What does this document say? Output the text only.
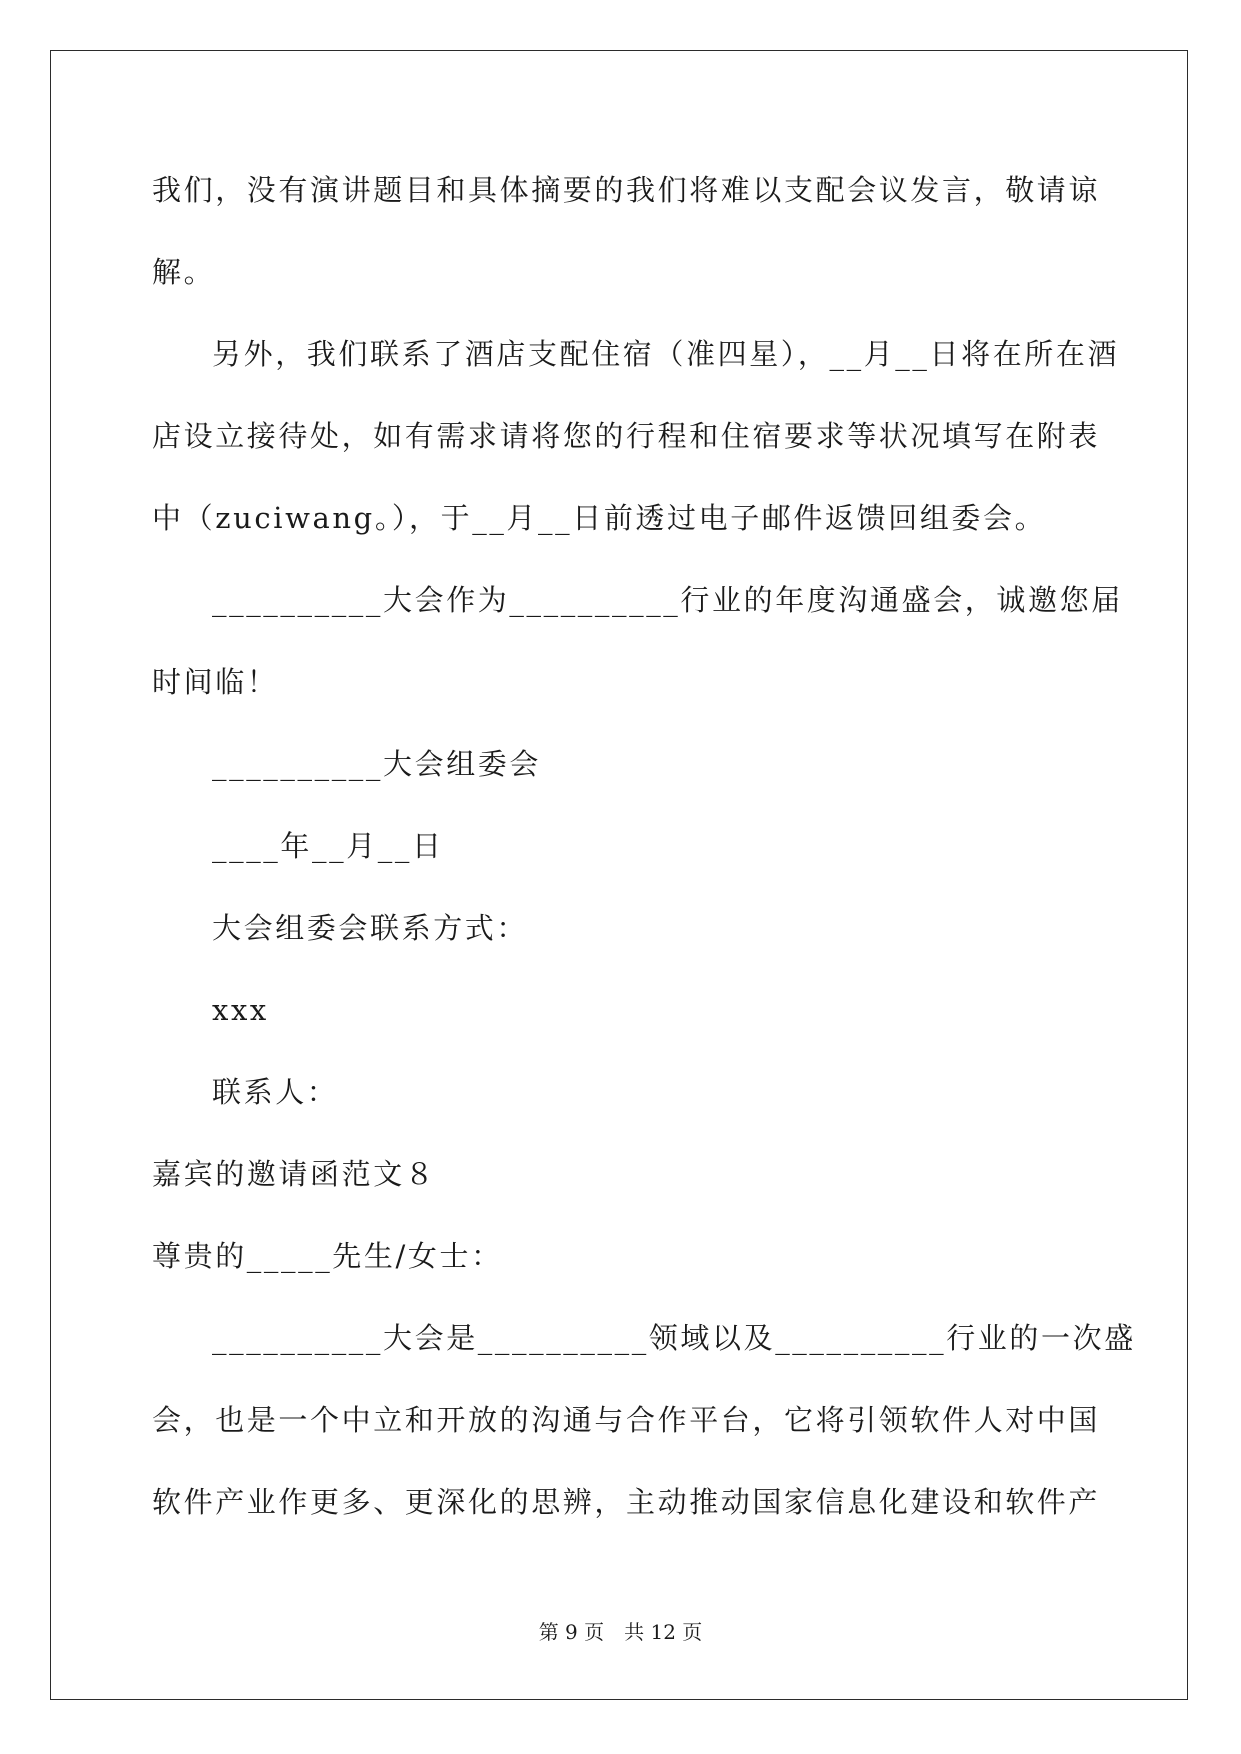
我们，没有演讲题目和具体摘要的我们将难以支配会议发言，敬请谅
解。
另外，我们联系了酒店支配住宿（准四星），__月__日将在所在酒
店设立接待处，如有需求请将您的行程和住宿要求等状况填写在附表
中（zuciwang。），于__月__日前透过电子邮件返馈回组委会。
__________大会作为__________行业的年度沟通盛会，诚邀您届
时间临！
__________大会组委会
____年__月__日
大会组委会联系方式：
xxx
联系人：
嘉宾的邀请函范文８
尊贵的_____先生/女士：
__________大会是__________领域以及__________行业的一次盛
会，也是一个中立和开放的沟通与合作平台，它将引领软件人对中国
软件产业作更多、更深化的思辨，主动推动国家信息化建设和软件产
第 9 页　共 12 页
